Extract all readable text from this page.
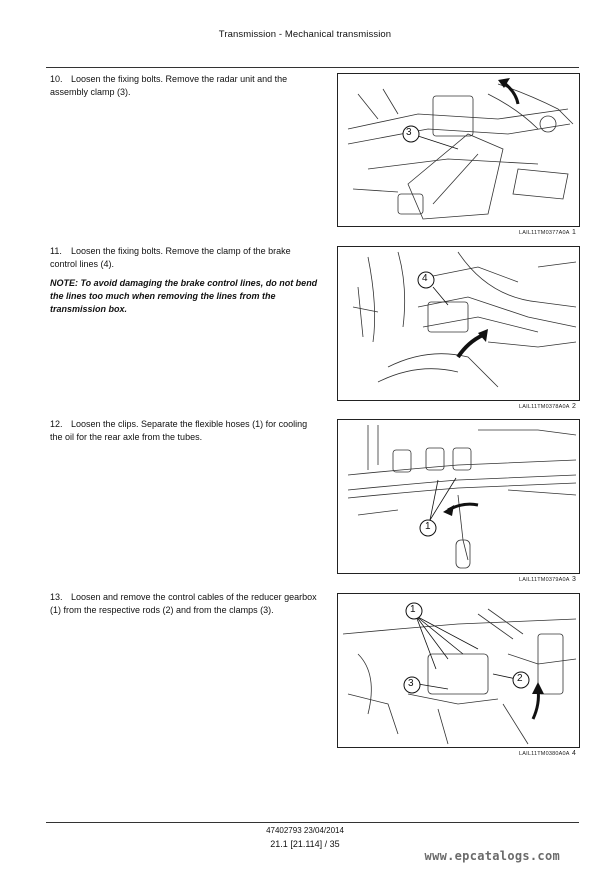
Transmission - Mechanical transmission
10. Loosen the fixing bolts. Remove the radar unit and the assembly clamp (3).
3
LAIL11TM0377A0A 1
11. Loosen the fixing bolts. Remove the clamp of the brake control lines (4).
NOTE: To avoid damaging the brake control lines, do not bend the lines too much when removing the lines from the transmission box.
4
LAIL11TM0378A0A 2
12. Loosen the clips. Separate the flexible hoses (1) for cooling the oil for the rear axle from the tubes.
1
LAIL11TM0379A0A 3
13. Loosen and remove the control cables of the reducer gearbox (1) from the respective rods (2) and from the clamps (3).	1
3	2
LAIL11TM0380A0A 4
47402793 23/04/2014
21.1 [21.114] / 35
www.epcatalogs.com
